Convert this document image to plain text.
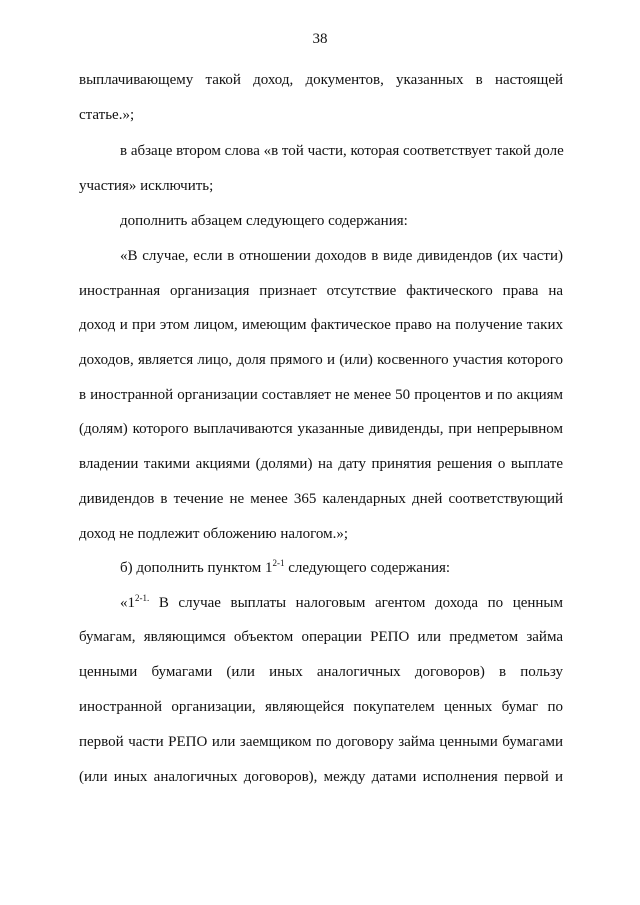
38
выплачивающему такой доход, документов, указанных в настоящей
статье.»;
в абзаце втором слова «в той части, которая соответствует такой доле
участия» исключить;
дополнить абзацем следующего содержания:
«В случае, если в отношении доходов в виде дивидендов (их части)
иностранная организация признает отсутствие фактического права на
доход и при этом лицом, имеющим фактическое право на получение таких
доходов, является лицо, доля прямого и (или) косвенного участия которого
в иностранной организации составляет не менее 50 процентов и по акциям
(долям) которого выплачиваются указанные дивиденды, при непрерывном
владении такими акциями (долями) на дату принятия решения о выплате
дивидендов в течение не менее 365 календарных дней соответствующий
доход не подлежит обложению налогом.»;
б) дополнить пунктом 1$^{2-1}$ следующего содержания:
«$1^{2-1.}$ В случае выплаты налоговым агентом дохода по ценным
бумагам, являющимся объектом операции РЕПО или предметом займа
ценными бумагами (или иных аналогичных договоров) в пользу
иностранной организации, являющейся покупателем ценных бумаг по
первой части РЕПО или заемщиком по договору займа ценными бумагами
(или иных аналогичных договоров), между датами исполнения первой и
